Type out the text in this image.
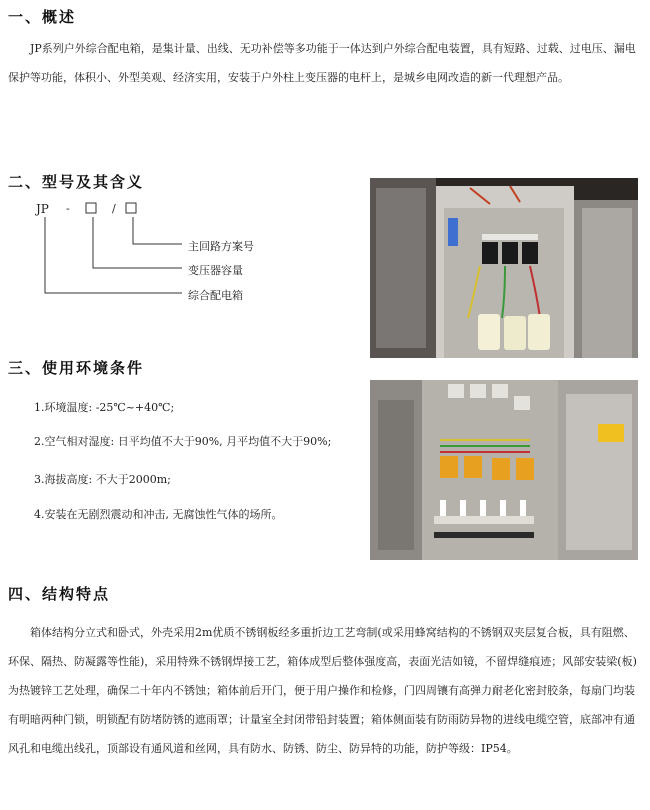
一、概述
JP系列户外综合配电箱，是集计量、出线、无功补偿等多功能于一体达到户外综合配电装置，具有短路、过载、过电压、漏电保护等功能，体积小、外型美观、经济实用，安装于户外柱上变压器的电杆上，是城乡电网改造的新一代理想产品。
二、型号及其含义
JP -	/
主回路方案号
变压器容量
综合配电箱
三、使用环境条件
1.环境温度: -25℃~+40℃;
2.空气相对湿度: 日平均值不大于90%, 月平均值不大于90%;
3.海拔高度: 不大于2000m;
4.安装在无剧烈震动和冲击, 无腐蚀性气体的场所。
四、结构特点
箱体结构分立式和卧式，外壳采用2m优质不锈钢板经多重折边工艺弯制(或采用蜂窝结构的不锈钢双夹层复合板，具有阻燃、环保、隔热、防凝露等性能)，采用特殊不锈钢焊接工艺，箱体成型后整体强度高，表面光洁如镜，不留焊缝痕迹；风部安装梁(板)为热镀锌工艺处理，确保二十年内不锈蚀；箱体前后开门，便于用户操作和检修，门四周镶有高弹力耐老化密封胶条，每扇门均装有明暗两种门锁，明锁配有防堵防锈的遮雨罩；计量室全封闭带铅封装置；箱体侧面装有防雨防异物的进线电缆空管，底部冲有通风孔和电缆出线孔，顶部设有通风道和丝网，具有防水、防锈、防尘、防异特的功能，防护等级：IP54。
